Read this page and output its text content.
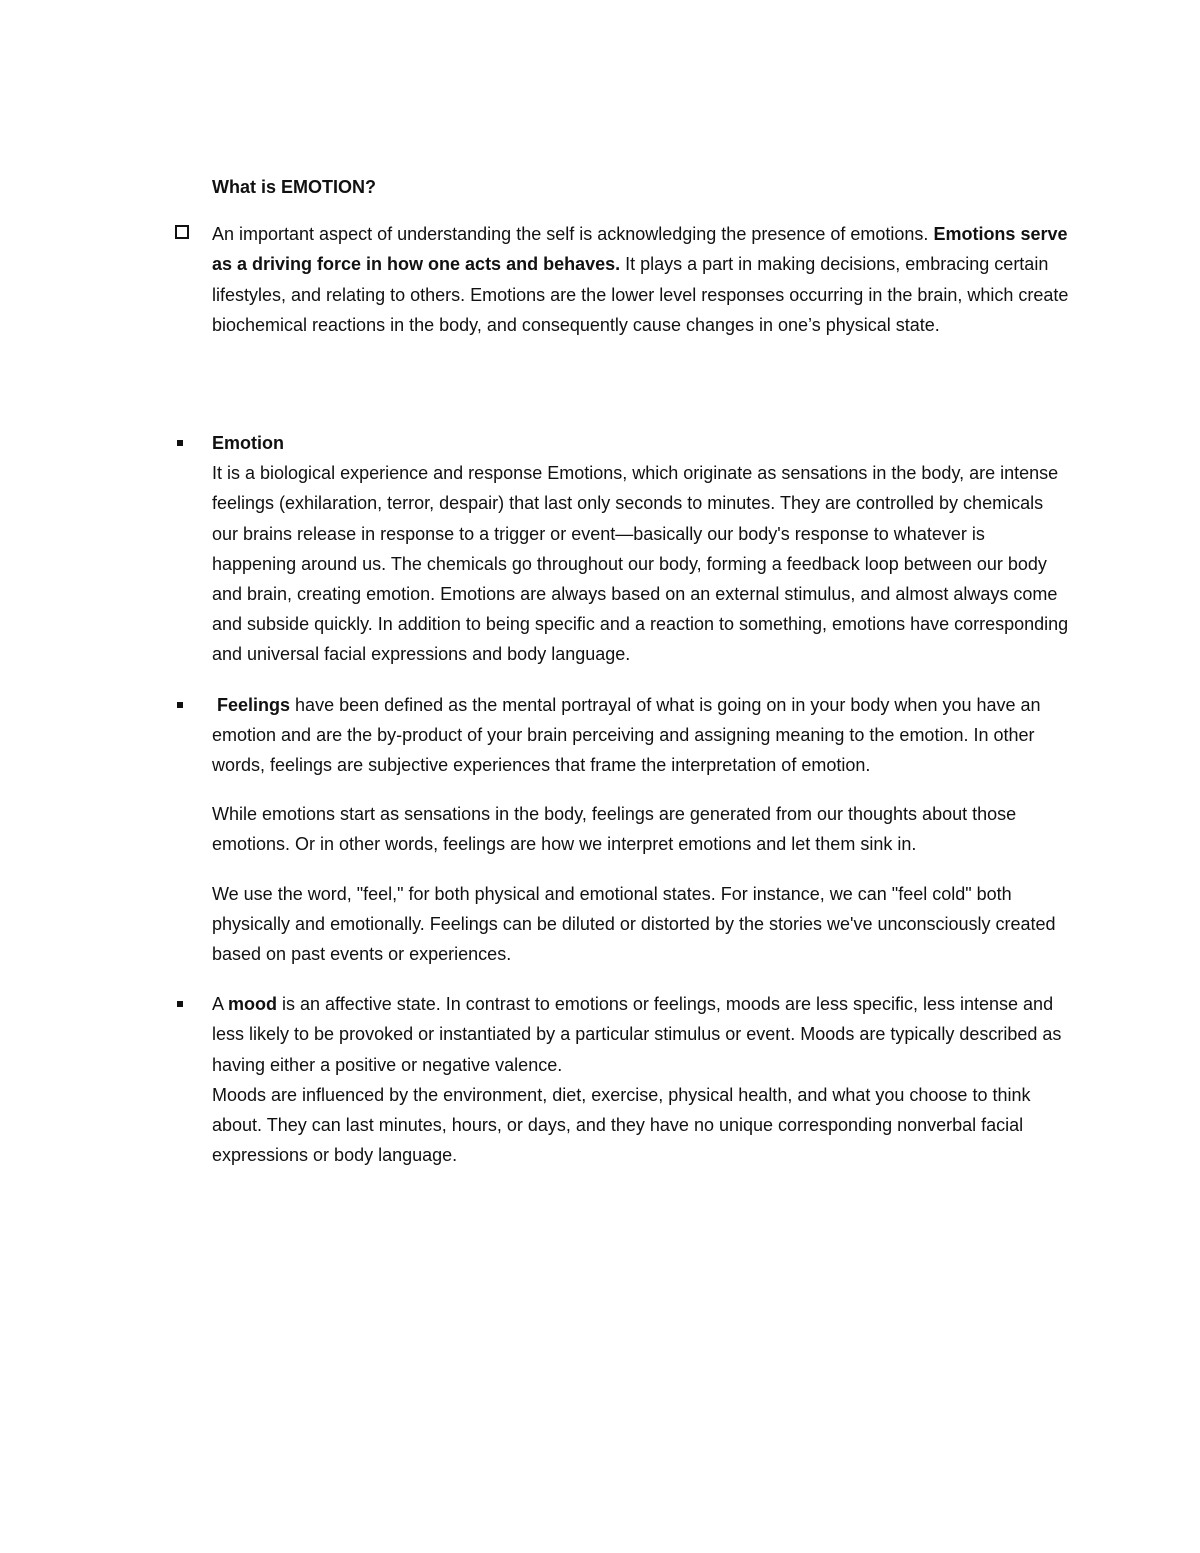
What is EMOTION?

An important aspect of understanding the self is acknowledging the presence of emotions. Emotions serve as a driving force in how one acts and behaves. It plays a part in making decisions, embracing certain lifestyles, and relating to others. Emotions are the lower level responses occurring in the brain, which create biochemical reactions in the body, and consequently cause changes in one’s physical state.

Emotion

It is a biological experience and response Emotions, which originate as sensations in the body, are intense feelings (exhilaration, terror, despair) that last only seconds to minutes. They are controlled by chemicals our brains release in response to a trigger or event—basically our body's response to whatever is happening around us. The chemicals go throughout our body, forming a feedback loop between our body and brain, creating emotion. Emotions are always based on an external stimulus, and almost always come and subside quickly. In addition to being specific and a reaction to something, emotions have corresponding and universal facial expressions and body language.

Feelings have been defined as the mental portrayal of what is going on in your body when you have an emotion and are the by-product of your brain perceiving and assigning meaning to the emotion. In other words, feelings are subjective experiences that frame the interpretation of emotion.

While emotions start as sensations in the body, feelings are generated from our thoughts about those emotions. Or in other words, feelings are how we interpret emotions and let them sink in.

We use the word, "feel," for both physical and emotional states. For instance, we can "feel cold" both physically and emotionally. Feelings can be diluted or distorted by the stories we've unconsciously created based on past events or experiences.

A mood is an affective state. In contrast to emotions or feelings, moods are less specific, less intense and less likely to be provoked or instantiated by a particular stimulus or event. Moods are typically described as having either a positive or negative valence.

Moods are influenced by the environment, diet, exercise, physical health, and what you choose to think about. They can last minutes, hours, or days, and they have no unique corresponding nonverbal facial expressions or body language.
